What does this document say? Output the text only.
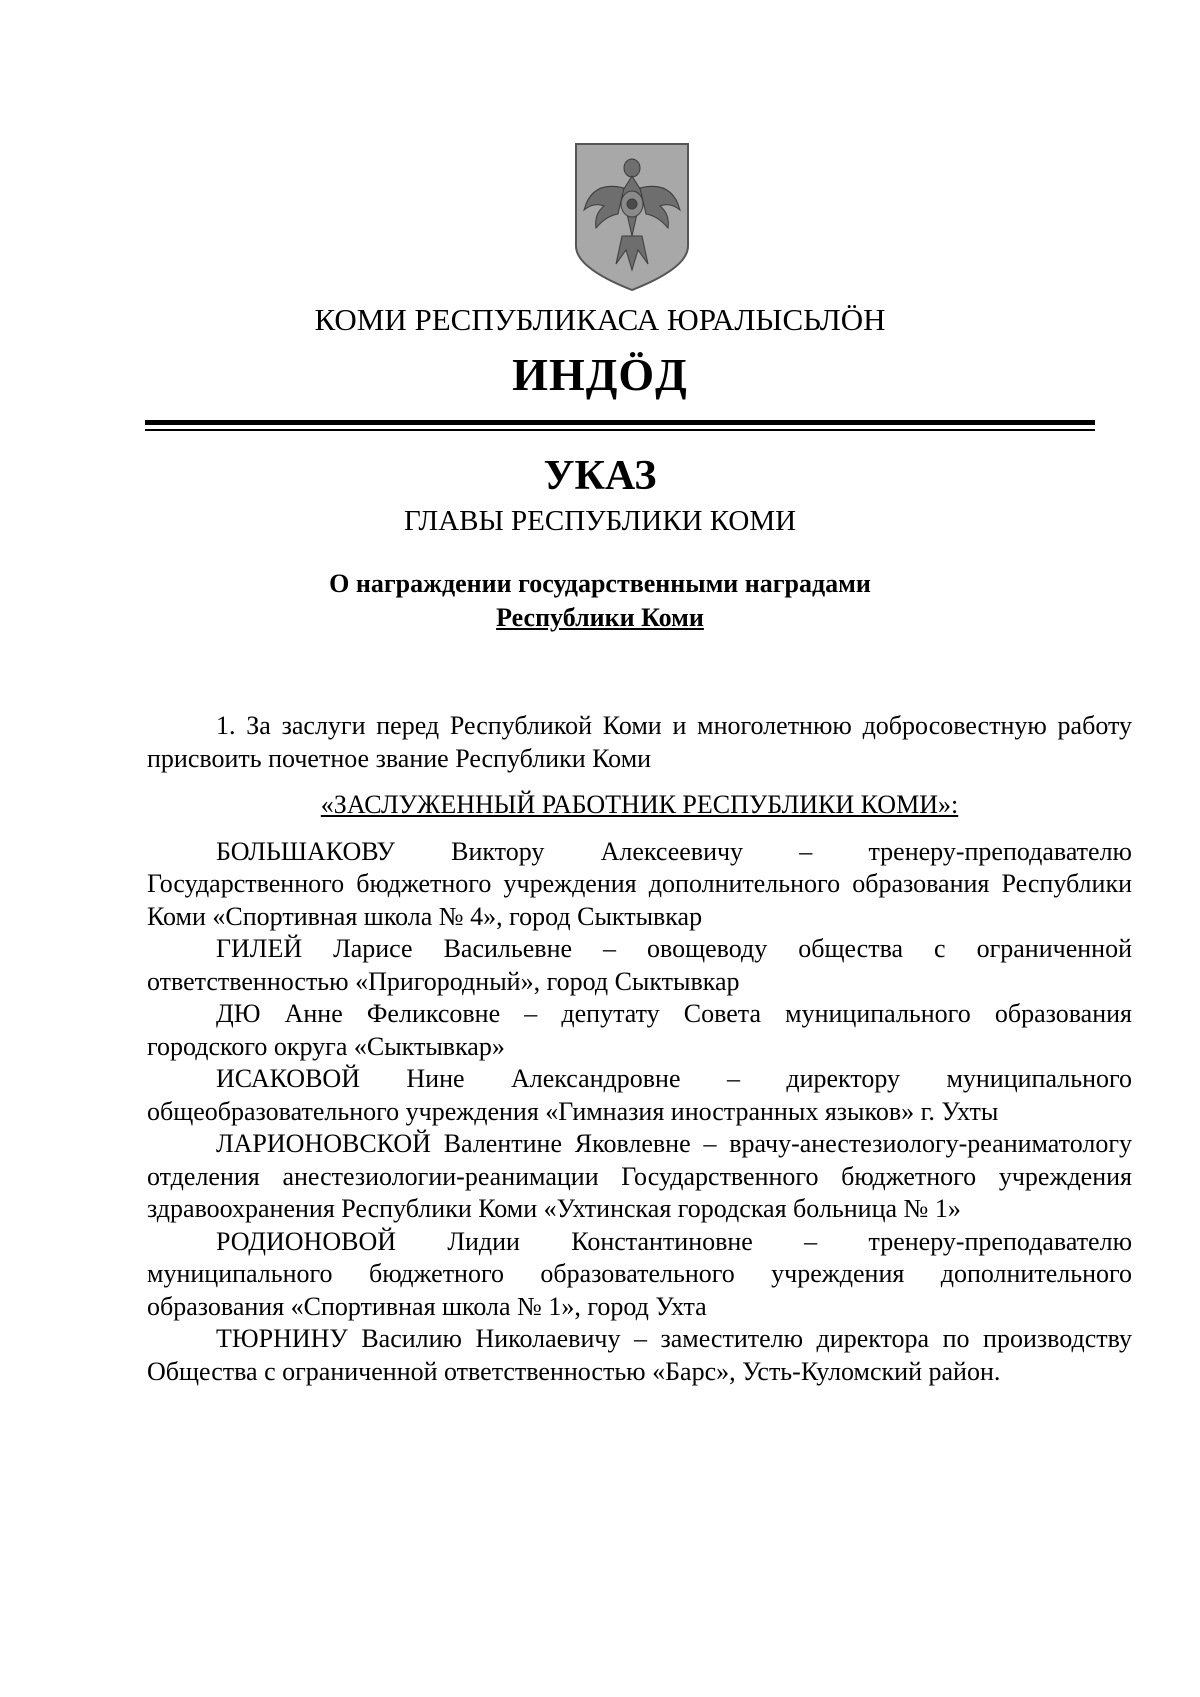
КОМИ РЕСПУБЛИКАСА ЮРАЛЫСЬЛÖН
ИНДÖД
УКАЗ
ГЛАВЫ РЕСПУБЛИКИ КОМИ
О награждении государственными наградами
Республики Коми

1. За заслуги перед Республикой Коми и многолетнюю добросовестную работу присвоить почетное звание Республики Коми

«ЗАСЛУЖЕННЫЙ РАБОТНИК РЕСПУБЛИКИ КОМИ»:

БОЛЬШАКОВУ Виктору Алексеевичу – тренеру-преподавателю Государственного бюджетного учреждения дополнительного образования Республики Коми «Спортивная школа № 4», город Сыктывкар

ГИЛЕЙ Ларисе Васильевне – овощеводу общества с ограниченной ответственностью «Пригородный», город Сыктывкар

ДЮ Анне Феликсовне – депутату Совета муниципального образования городского округа «Сыктывкар»

ИСАКОВОЙ Нине Александровне – директору муниципального общеобразовательного учреждения «Гимназия иностранных языков» г. Ухты

ЛАРИОНОВСКОЙ Валентине Яковлевне – врачу-анестезиологу-реаниматологу отделения анестезиологии-реанимации Государственного бюджетного учреждения здравоохранения Республики Коми «Ухтинская городская больница № 1»

РОДИОНОВОЙ Лидии Константиновне – тренеру-преподавателю муниципального бюджетного образовательного учреждения дополнительного образования «Спортивная школа № 1», город Ухта

ТЮРНИНУ Василию Николаевичу – заместителю директора по производству Общества с ограниченной ответственностью «Барс», Усть-Куломский район.
